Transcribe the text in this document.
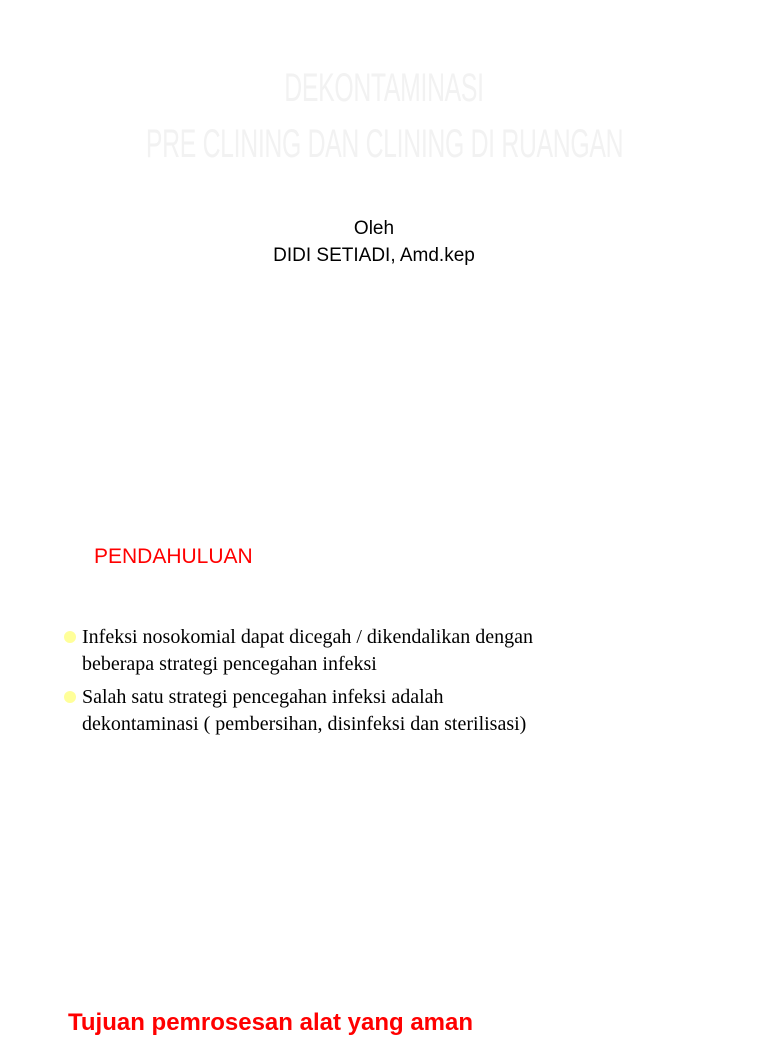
DEKONTAMINASI
PRE CLINING DAN CLINING DI RUANGAN
Oleh
DIDI SETIADI, Amd.kep
PENDAHULUAN
Infeksi nosokomial dapat dicegah / dikendalikan dengan beberapa strategi pencegahan infeksi
Salah satu strategi pencegahan infeksi adalah dekontaminasi ( pembersihan, disinfeksi dan sterilisasi)
Tujuan pemrosesan alat yang aman
